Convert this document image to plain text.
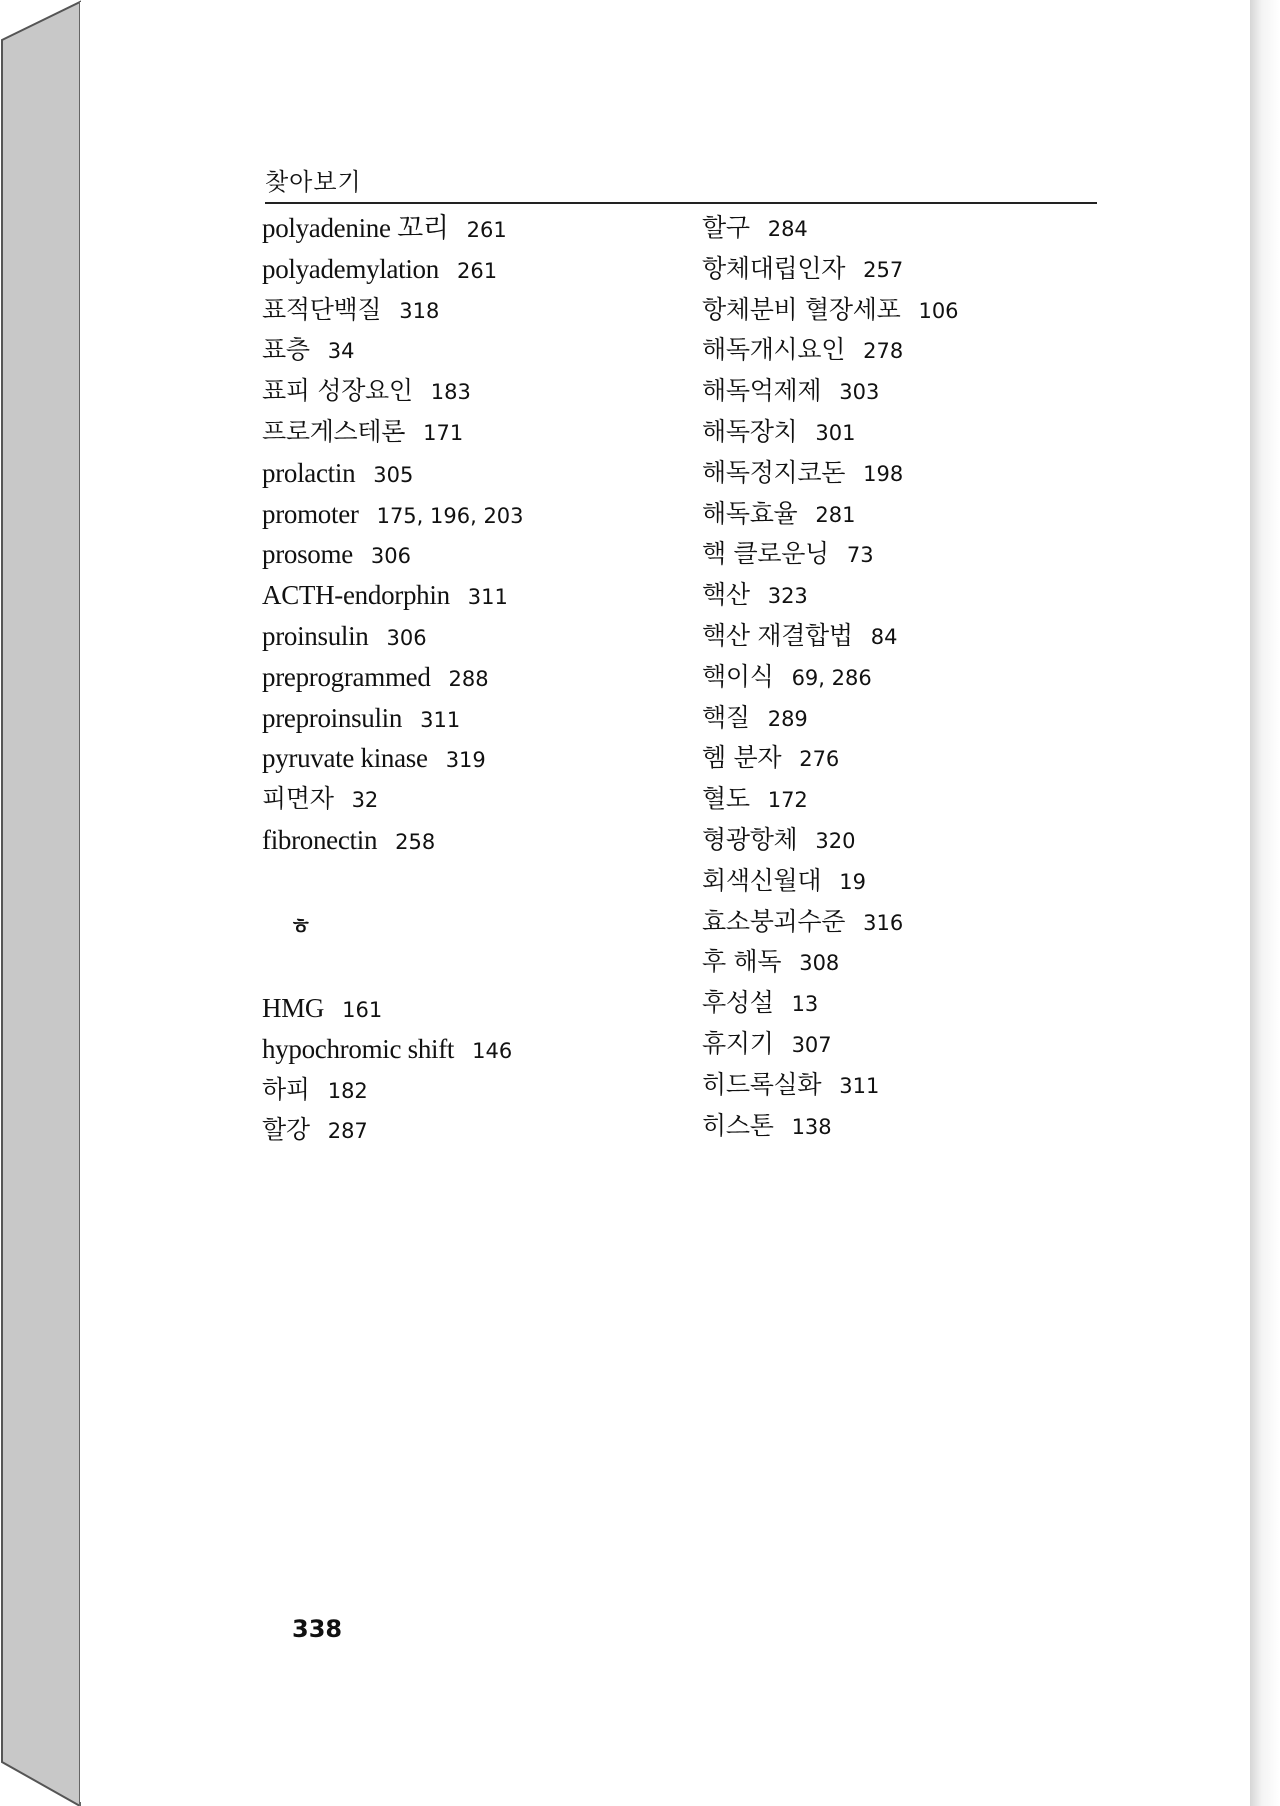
찾아보기
polyadenine 꼬리 261
polyademylation 261
표적단백질 318
표층 34
표피 성장요인 183
프로게스테론 171
prolactin 305
promoter 175, 196, 203
prosome 306
ACTH-endorphin 311
proinsulin 306
preprogrammed 288
preproinsulin 311
pyruvate kinase 319
피면자 32
fibronectin 258
할구 284
항체대립인자 257
항체분비 혈장세포 106
해독개시요인 278
해독억제제 303
해독장치 301
해독정지코돈 198
해독효율 281
핵 클로운닝 73
핵산 323
핵산 재결합법 84
핵이식 69, 286
핵질 289
헴 분자 276
혈도 172
형광항체 320
회색신월대 19
효소붕괴수준 316
후 해독 308
후성설 13
휴지기 307
히드록실화 311
히스톤 138
ㅎ
HMG 161
hypochromic shift 146
하피 182
할강 287
338
